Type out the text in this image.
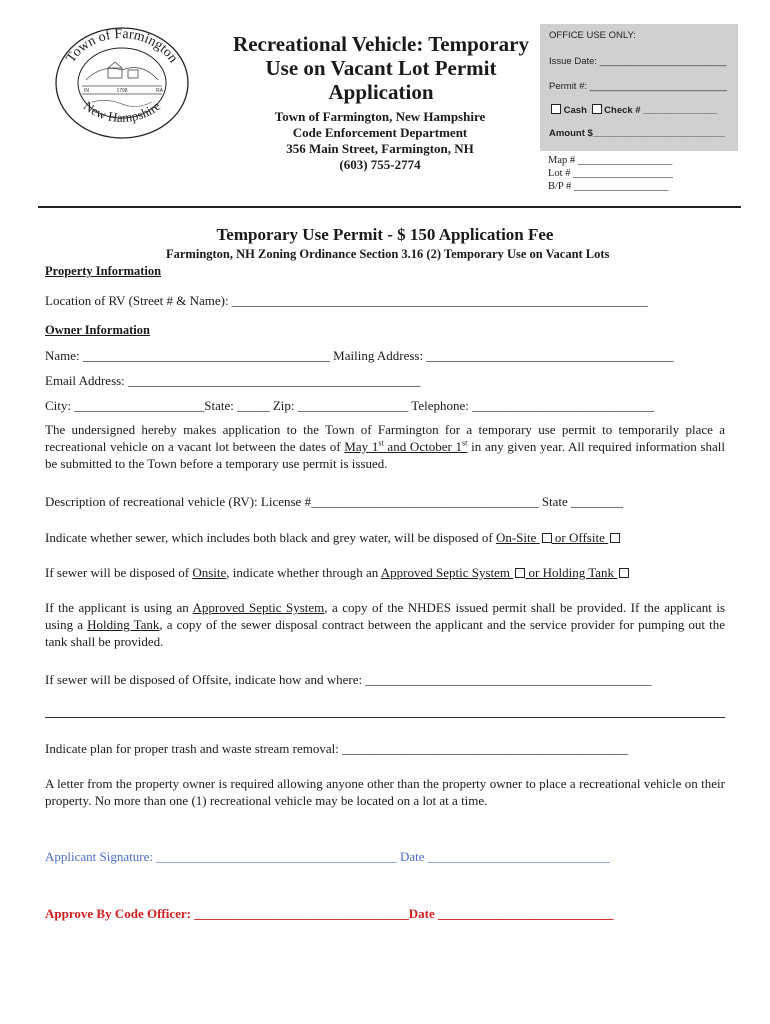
Town of Farmington
New Hampshire
IN	1798	RA
Recreational Vehicle: Temporary
Use on Vacant Lot Permit
Application
Town of Farmington, New Hampshire
Code Enforcement Department
356 Main Street, Farmington, NH
(603) 755-2774
OFFICE USE ONLY:
Issue Date: ________________________
Permit #: __________________________
Cash Check # ______________
Amount $_________________________
Map # __________________
Lot # ___________________
B/P # __________________
Temporary Use Permit - $ 150 Application Fee
Farmington, NH Zoning Ordinance Section 3.16 (2) Temporary Use on Vacant Lots
Property Information
Location of RV (Street # & Name): ________________________________________________________________
Owner Information
Name: ______________________________________ Mailing Address: ______________________________________
Email Address: _____________________________________________
City: ____________________State: _____ Zip: _________________ Telephone: ____________________________
The undersigned hereby makes application to the Town of Farmington for a temporary use permit to temporarily place a recreational vehicle on a vacant lot between the dates of May 1st and October 1st in any given year. All required information shall be submitted to the Town before a temporary use permit is issued.
Description of recreational vehicle (RV): License #___________________________________ State ________
Indicate whether sewer, which includes both black and grey water, will be disposed of On-Site  or Offsite
If sewer will be disposed of Onsite, indicate whether through an Approved Septic System  or Holding Tank
If the applicant is using an Approved Septic System, a copy of the NHDES issued permit shall be provided. If the applicant is using a Holding Tank, a copy of the sewer disposal contract between the applicant and the service provider for pumping out the tank shall be provided.
If sewer will be disposed of Offsite, indicate how and where: ____________________________________________
Indicate plan for proper trash and waste stream removal: ____________________________________________
A letter from the property owner is required allowing anyone other than the property owner to place a recreational vehicle on their property. No more than one (1) recreational vehicle may be located on a lot at a time.
Applicant Signature: _____________________________________ Date ____________________________
Approve By Code Officer: _________________________________Date ___________________________
